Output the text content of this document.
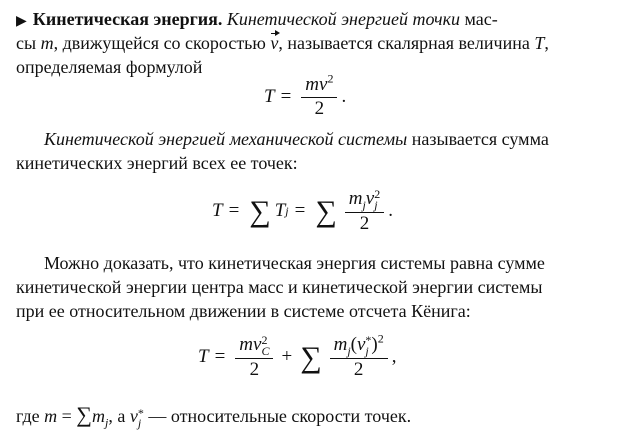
▶ Кинетическая энергия. Кинетической энергией точки мас-
сы m, движущейся со скоростью v, называется скалярная величина T,
определяемая формулой
$T = \frac{mv^2}{2}$ .
Кинетической энергией механической системы называется сумма
кинетических энергий всех ее точек:
T = ∑ T j = ∑ $m_jv$ 2
j
2 .
Можно доказать, что кинетическая энергия системы равна сумме
кинетической энергии центра масс и кинетической энергии системы
при ее относительном движении в системе отсчета Кёнига:
T = mv 2
C
2 + ∑ $m_j(v$ *
j )$^2$
2 ,
где $m = \sum m_j$, а v *
j — относительные скорости точек.
